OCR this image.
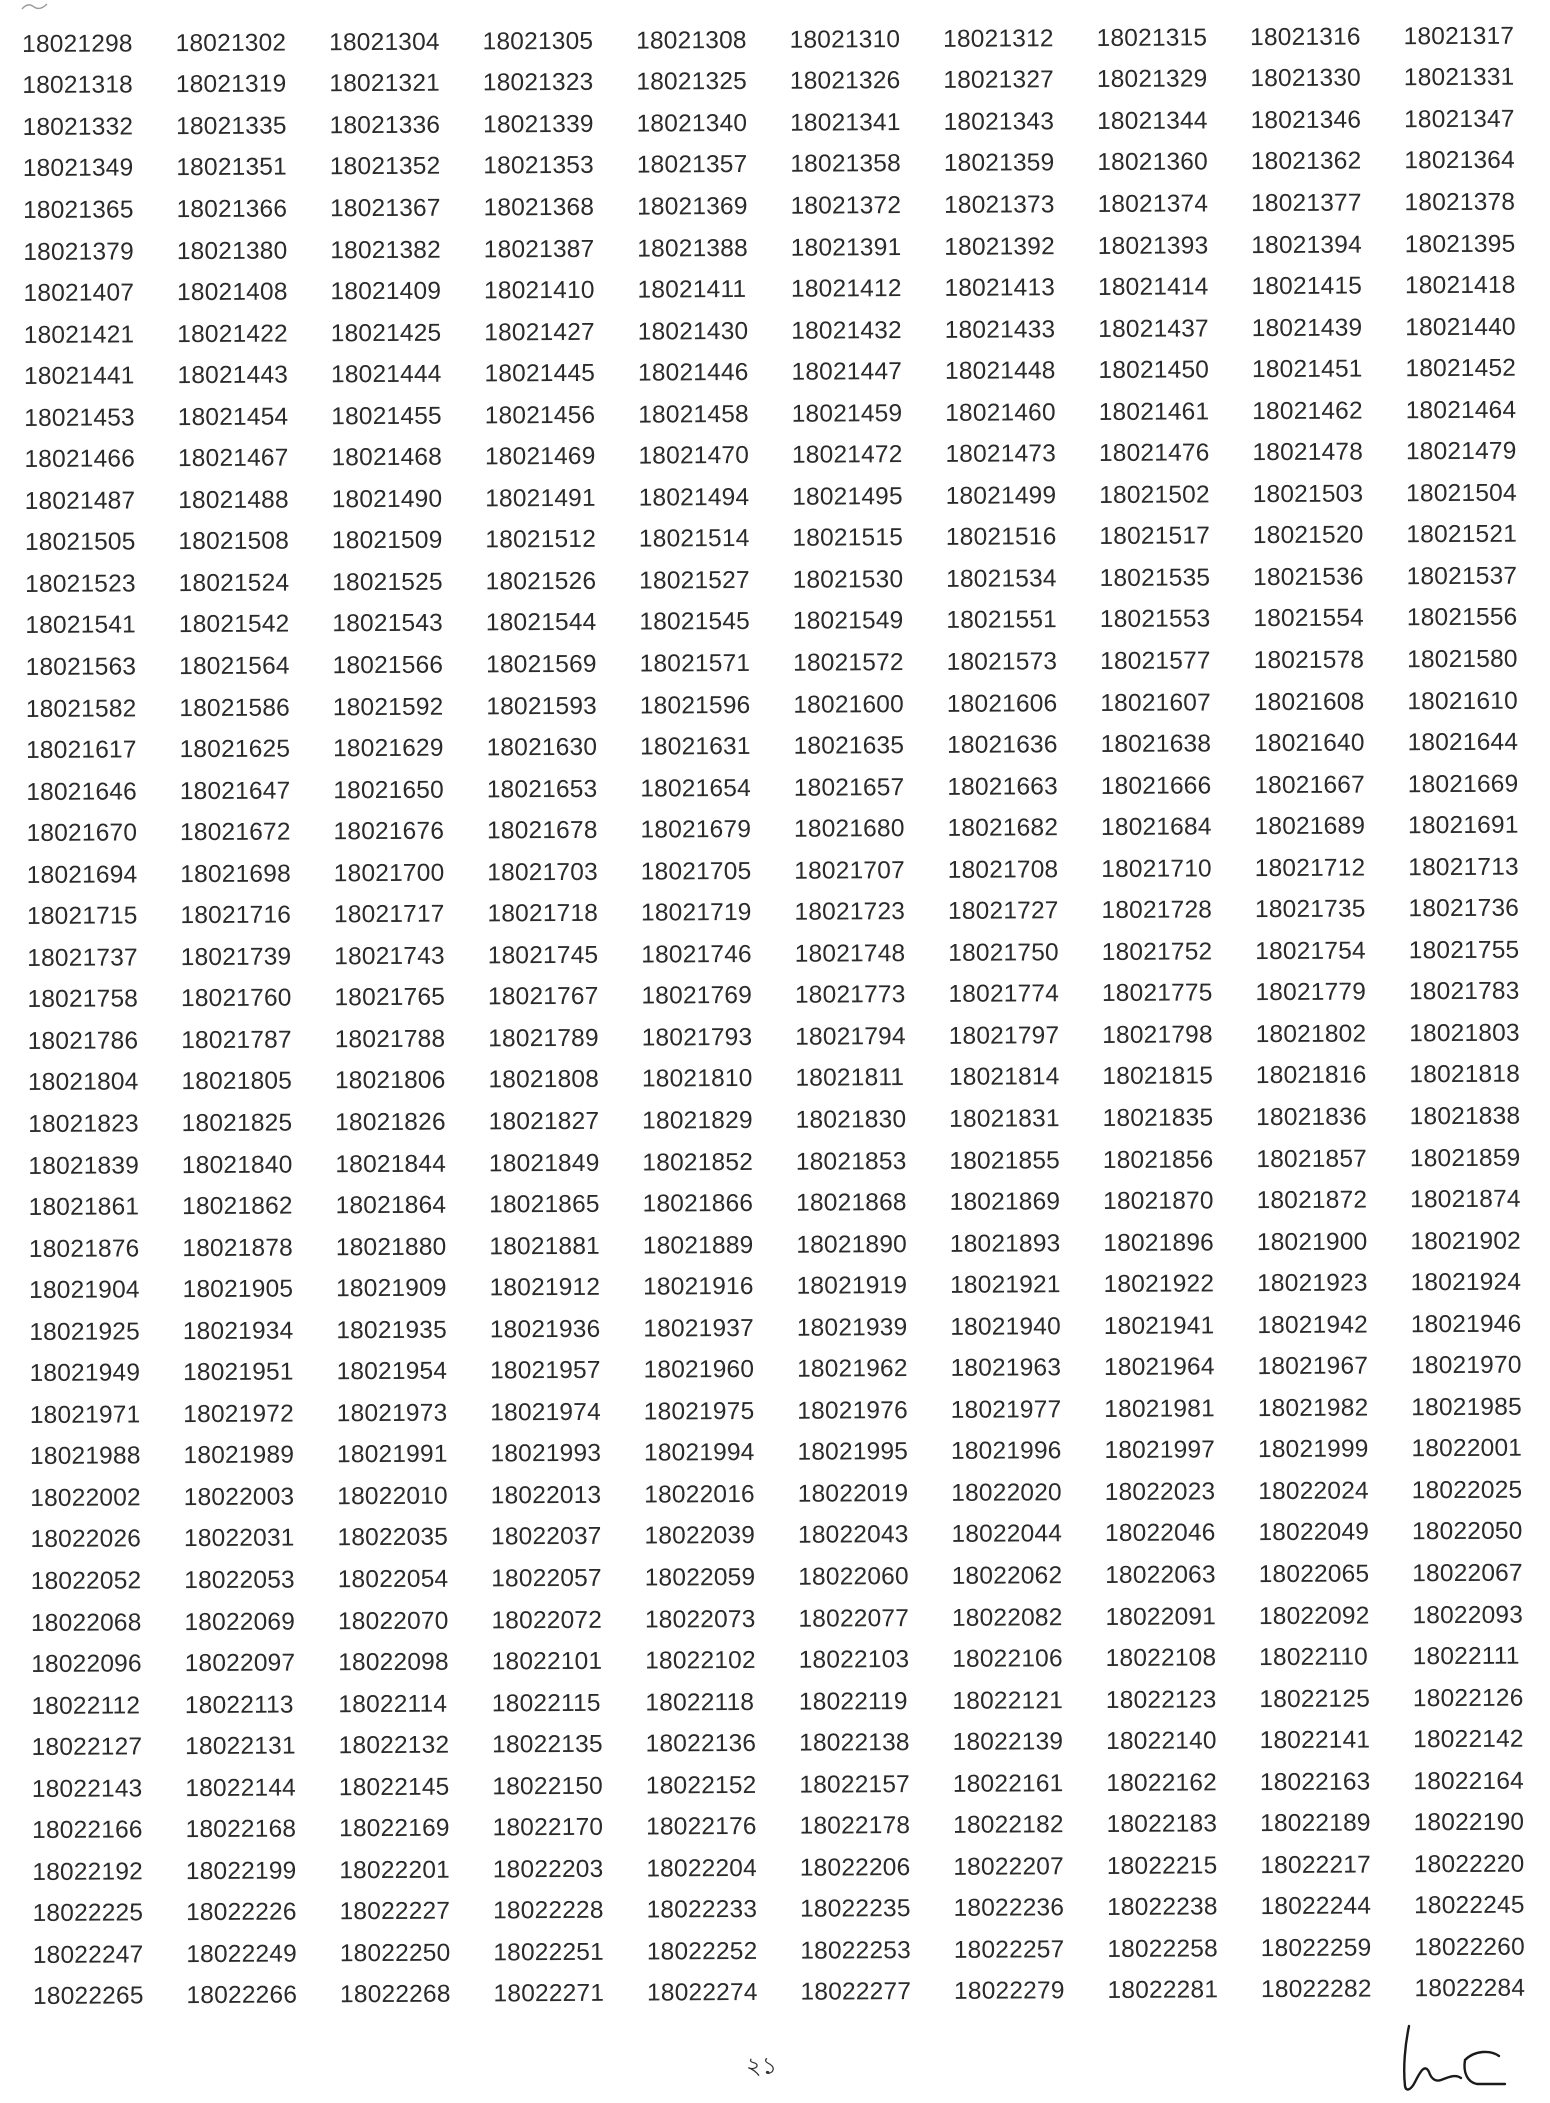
18021298	18021302	18021304	18021305	18021308	18021310	18021312	18021315	18021316	18021317
18021318	18021319	18021321	18021323	18021325	18021326	18021327	18021329	18021330	18021331
18021332	18021335	18021336	18021339	18021340	18021341	18021343	18021344	18021346	18021347
18021349	18021351	18021352	18021353	18021357	18021358	18021359	18021360	18021362	18021364
18021365	18021366	18021367	18021368	18021369	18021372	18021373	18021374	18021377	18021378
18021379	18021380	18021382	18021387	18021388	18021391	18021392	18021393	18021394	18021395
18021407	18021408	18021409	18021410	18021411	18021412	18021413	18021414	18021415	18021418
18021421	18021422	18021425	18021427	18021430	18021432	18021433	18021437	18021439	18021440
18021441	18021443	18021444	18021445	18021446	18021447	18021448	18021450	18021451	18021452
18021453	18021454	18021455	18021456	18021458	18021459	18021460	18021461	18021462	18021464
18021466	18021467	18021468	18021469	18021470	18021472	18021473	18021476	18021478	18021479
18021487	18021488	18021490	18021491	18021494	18021495	18021499	18021502	18021503	18021504
18021505	18021508	18021509	18021512	18021514	18021515	18021516	18021517	18021520	18021521
18021523	18021524	18021525	18021526	18021527	18021530	18021534	18021535	18021536	18021537
18021541	18021542	18021543	18021544	18021545	18021549	18021551	18021553	18021554	18021556
18021563	18021564	18021566	18021569	18021571	18021572	18021573	18021577	18021578	18021580
18021582	18021586	18021592	18021593	18021596	18021600	18021606	18021607	18021608	18021610
18021617	18021625	18021629	18021630	18021631	18021635	18021636	18021638	18021640	18021644
18021646	18021647	18021650	18021653	18021654	18021657	18021663	18021666	18021667	18021669
18021670	18021672	18021676	18021678	18021679	18021680	18021682	18021684	18021689	18021691
18021694	18021698	18021700	18021703	18021705	18021707	18021708	18021710	18021712	18021713
18021715	18021716	18021717	18021718	18021719	18021723	18021727	18021728	18021735	18021736
18021737	18021739	18021743	18021745	18021746	18021748	18021750	18021752	18021754	18021755
18021758	18021760	18021765	18021767	18021769	18021773	18021774	18021775	18021779	18021783
18021786	18021787	18021788	18021789	18021793	18021794	18021797	18021798	18021802	18021803
18021804	18021805	18021806	18021808	18021810	18021811	18021814	18021815	18021816	18021818
18021823	18021825	18021826	18021827	18021829	18021830	18021831	18021835	18021836	18021838
18021839	18021840	18021844	18021849	18021852	18021853	18021855	18021856	18021857	18021859
18021861	18021862	18021864	18021865	18021866	18021868	18021869	18021870	18021872	18021874
18021876	18021878	18021880	18021881	18021889	18021890	18021893	18021896	18021900	18021902
18021904	18021905	18021909	18021912	18021916	18021919	18021921	18021922	18021923	18021924
18021925	18021934	18021935	18021936	18021937	18021939	18021940	18021941	18021942	18021946
18021949	18021951	18021954	18021957	18021960	18021962	18021963	18021964	18021967	18021970
18021971	18021972	18021973	18021974	18021975	18021976	18021977	18021981	18021982	18021985
18021988	18021989	18021991	18021993	18021994	18021995	18021996	18021997	18021999	18022001
18022002	18022003	18022010	18022013	18022016	18022019	18022020	18022023	18022024	18022025
18022026	18022031	18022035	18022037	18022039	18022043	18022044	18022046	18022049	18022050
18022052	18022053	18022054	18022057	18022059	18022060	18022062	18022063	18022065	18022067
18022068	18022069	18022070	18022072	18022073	18022077	18022082	18022091	18022092	18022093
18022096	18022097	18022098	18022101	18022102	18022103	18022106	18022108	18022110	18022111
18022112	18022113	18022114	18022115	18022118	18022119	18022121	18022123	18022125	18022126
18022127	18022131	18022132	18022135	18022136	18022138	18022139	18022140	18022141	18022142
18022143	18022144	18022145	18022150	18022152	18022157	18022161	18022162	18022163	18022164
18022166	18022168	18022169	18022170	18022176	18022178	18022182	18022183	18022189	18022190
18022192	18022199	18022201	18022203	18022204	18022206	18022207	18022215	18022217	18022220
18022225	18022226	18022227	18022228	18022233	18022235	18022236	18022238	18022244	18022245
18022247	18022249	18022250	18022251	18022252	18022253	18022257	18022258	18022259	18022260
18022265	18022266	18022268	18022271	18022274	18022277	18022279	18022281	18022282	18022284
২১
